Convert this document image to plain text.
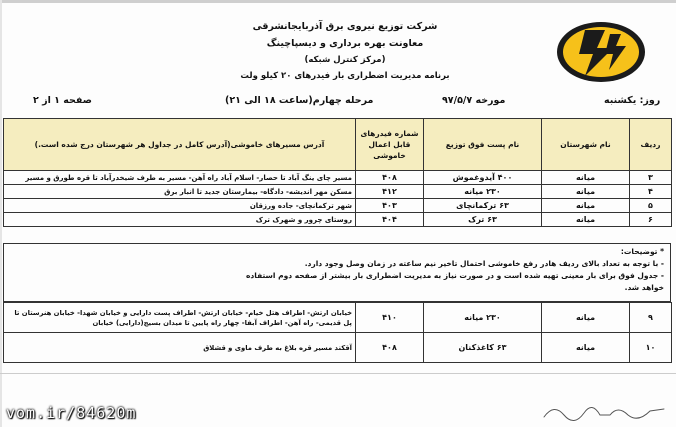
شرکت توزیع نیروی برق آذربایجانشرقی
معاونت بهره برداری و دیسپاچینگ
(مرکز کنترل شبکه)
برنامه مدیریت اضطراری بار فیدرهای ۲۰ کیلو ولت
روز: یکشنبه
مورخه ۹۷/۵/۷
مرحله چهارم(ساعت ۱۸ الی ۲۱)
صفحه ۱ از ۲
ردیف	نام شهرستان	نام پست فوق توزیع	شماره فیدرهای قابل اعمال خاموشی	آدرس مسیرهای خاموشی(آدرس کامل در جداول هر شهرستان درج شده است.)
۳	میانه	۴۰۰ آیدوغموش	۴۰۸	مسیر چای ینگ آباد تا حصار- اسلام آباد راه آهن- مسیر به طرف شیخدرآباد تا قره طورق و مسیر
۴	میانه	۲۳۰ میانه	۴۱۲	مسکن مهر اندیشه- دادگاه- بیمارستان جدید تا انبار برق
۵	میانه	۶۳ ترکمانچای	۴۰۳	شهر ترکمانچای- جاده ورزقان
۶	میانه	۶۳ ترک	۴۰۴	روستای چرور و شهرک ترک
* توضیحات:
- با توجه به تعداد بالای ردیف هادر رفع خاموشی احتمال تاخیر نیم ساعته در زمان وصل وجود دارد.
- جدول فوق برای بار معینی تهیه شده است و در صورت نیاز به مدیریت اضطراری بار بیشتر از صفحه دوم استفاده
خواهد شد.
۹	میانه	۲۳۰ میانه	۴۱۰	خیابان ارتش- اطراف هتل خیام- خیابان ارتش- اطراف پست دارایی و خیابان شهدا- خیابان هنرستان تا پل قدیمی- راه آهن- اطراف آبفا- چهار راه پایین تا میدان بسیج(دارایی) خیابان
۱۰	میانه	۶۳ کاغذکنان	۴۰۸	آقکند مسیر قره بلاغ به طرف ماوی و قشلاق
vom.ir/84620m
